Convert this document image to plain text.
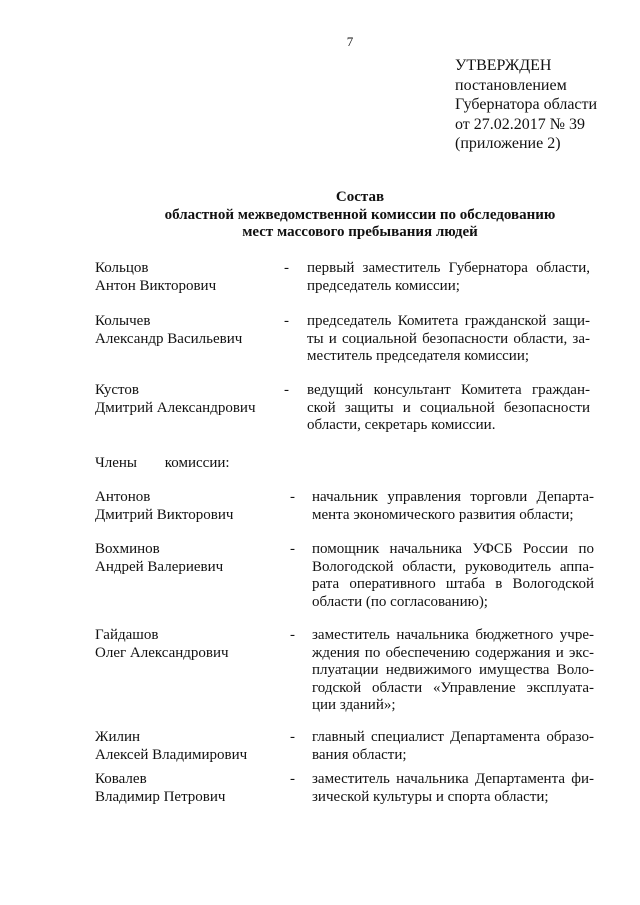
7
УТВЕРЖДЕН
постановлением
Губернатора области
от 27.02.2017 № 39
(приложение 2)
Состав
областной межведомственной комиссии по обследованию
мест массового пребывания людей
Кольцов
Антон Викторович
- первый заместитель Губернатора области,
председатель комиссии;
Колычев
Александр Васильевич
- председатель Комитета гражданской защи-
ты и социальной безопасности области, за-
меститель председателя комиссии;
Кустов
Дмитрий Александрович
- ведущий консультант Комитета граждан-
ской защиты и социальной безопасности
области, секретарь комиссии.
Члены комиссии:
Антонов
Дмитрий Викторович
- начальник управления торговли Департа-
мента экономического развития области;
Вохминов
Андрей Валериевич
- помощник начальника УФСБ России по
Вологодской области, руководитель аппа-
рата оперативного штаба в Вологодской
области (по согласованию);
Гайдашов
Олег Александрович
- заместитель начальника бюджетного учре-
ждения по обеспечению содержания и экс-
плуатации недвижимого имущества Воло-
годской области «Управление эксплуата-
ции зданий»;
Жилин
Алексей Владимирович
- главный специалист Департамента образо-
вания области;
Ковалев
Владимир Петрович
- заместитель начальника Департамента фи-
зической культуры и спорта области;
